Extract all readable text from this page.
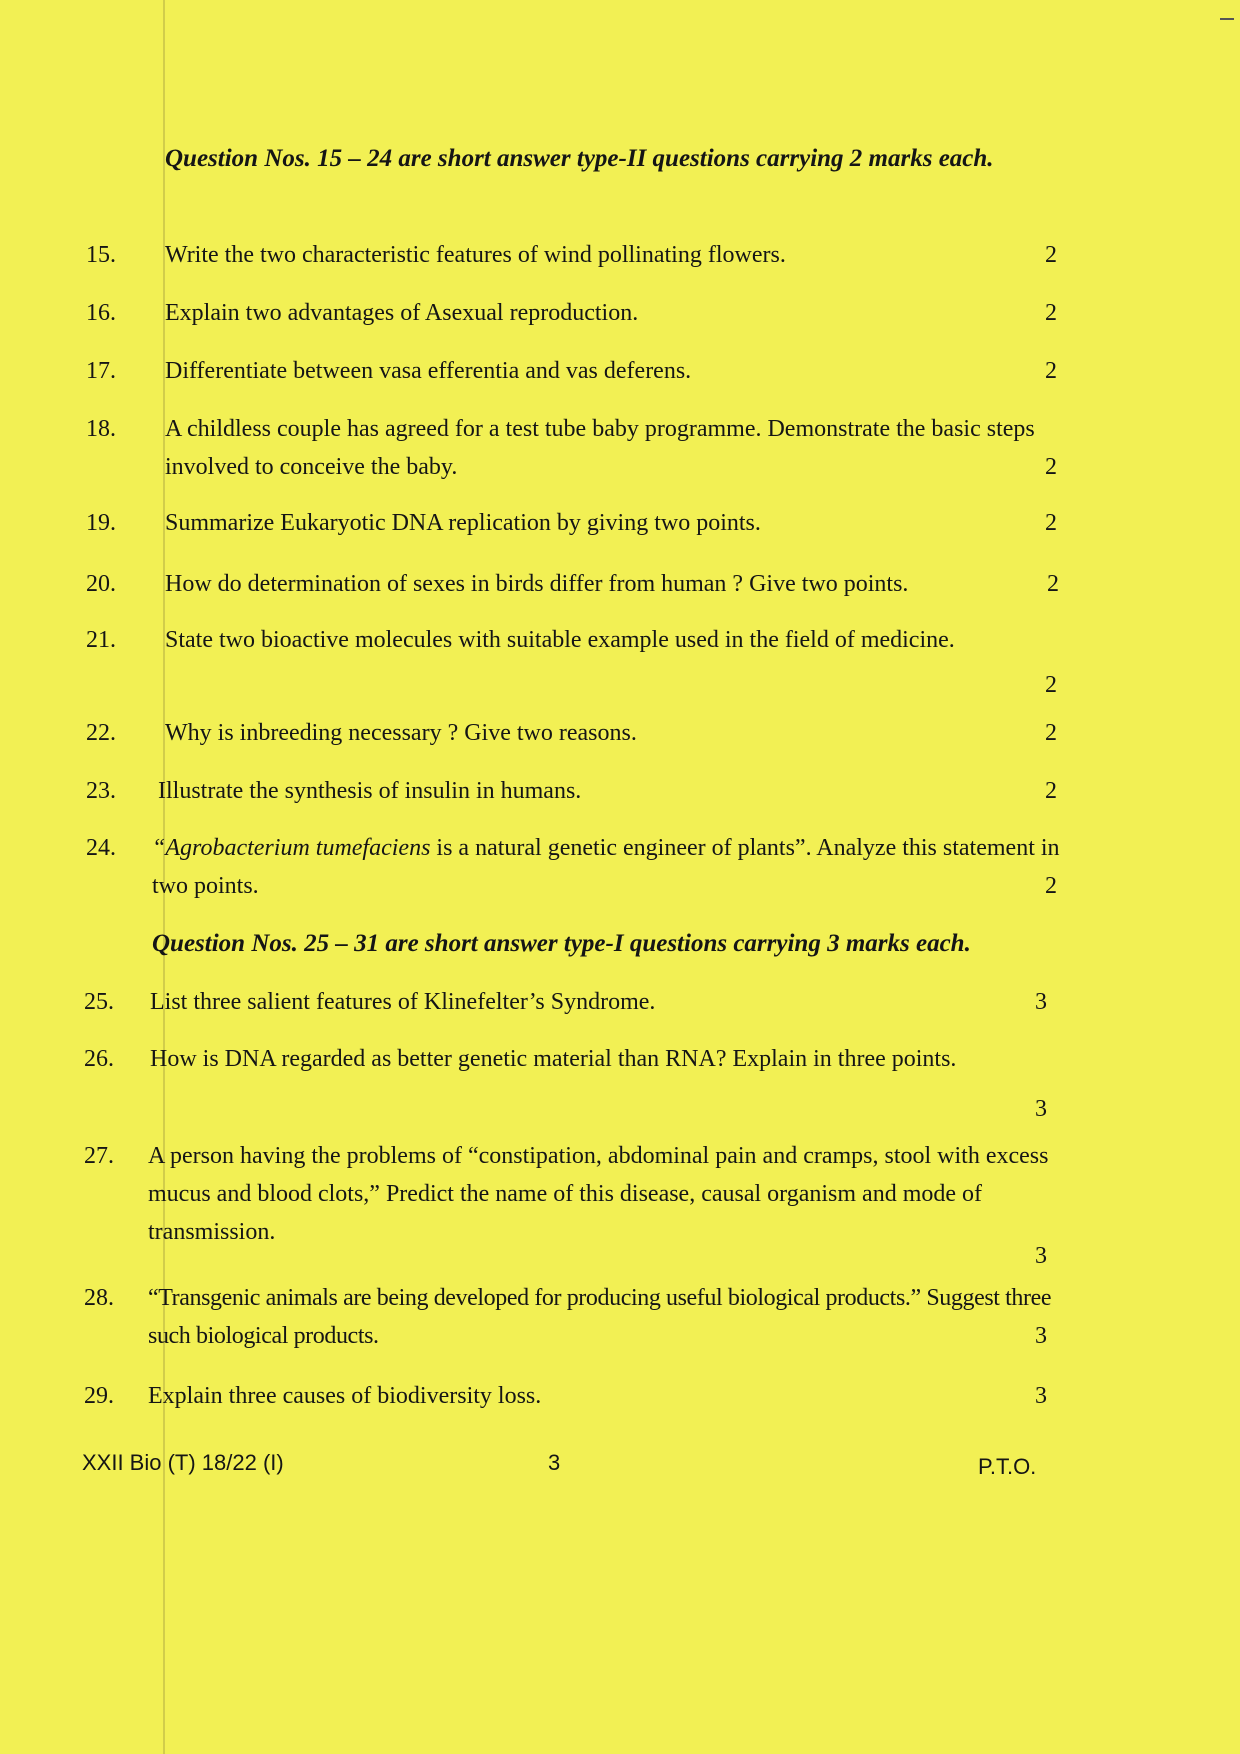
Question Nos. 15 – 24 are short answer type-II questions carrying 2 marks each.

15.	Write the two characteristic features of wind pollinating flowers.	2
16.	Explain two advantages of Asexual reproduction.	2
17.	Differentiate between vasa efferentia and vas deferens.	2
18.	A childless couple has agreed for a test tube baby programme. Demonstrate the basic steps involved to conceive the baby.	2
19.	Summarize Eukaryotic DNA replication by giving two points.	2
20.	How do determination of sexes in birds differ from human ? Give two points.	2
21.	State two bioactive molecules with suitable example used in the field of medicine.

2
22.	Why is inbreeding necessary ? Give two reasons.	2
23.	Illustrate the synthesis of insulin in humans.	2
24.	“Agrobacterium tumefaciens is a natural genetic engineer of plants”. Analyze this statement in two points.	2

Question Nos. 25 – 31 are short answer type-I questions carrying 3 marks each.

25.	List three salient features of Klinefelter’s Syndrome.	3
26.	How is DNA regarded as better genetic material than RNA? Explain in three points.

3
27.	A person having the problems of “constipation, abdominal pain and cramps, stool with excess mucus and blood clots,” Predict the name of this disease, causal organism and mode of transmission.

3
28.	“Transgenic animals are being developed for producing useful biological products.” Suggest three such biological products.	3
29.	Explain three causes of biodiversity loss.	3
XXII Bio (T) 18/22 (I)	3	P.T.O.
